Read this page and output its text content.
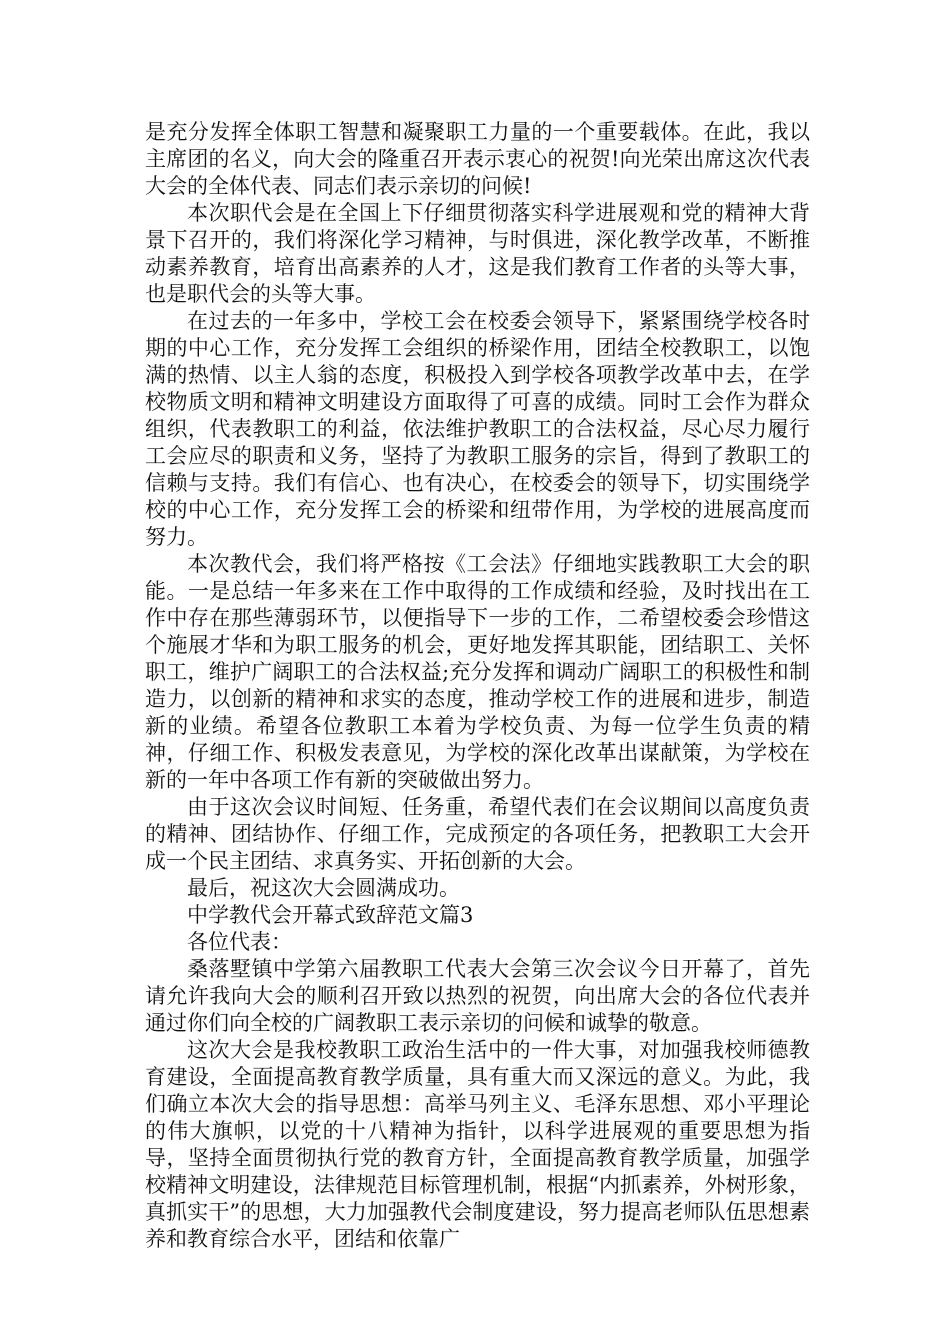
是充分发挥全体职工智慧和凝聚职工力量的一个重要载体。在此，我以主席团的名义，向大会的隆重召开表示衷心的祝贺!向光荣出席这次代表大会的全体代表、同志们表示亲切的问候!

本次职代会是在全国上下仔细贯彻落实科学进展观和党的精神大背景下召开的，我们将深化学习精神，与时俱进，深化教学改革，不断推动素养教育，培育出高素养的人才，这是我们教育工作者的头等大事，也是职代会的头等大事。

在过去的一年多中，学校工会在校委会领导下，紧紧围绕学校各时期的中心工作，充分发挥工会组织的桥梁作用，团结全校教职工，以饱满的热情、以主人翁的态度，积极投入到学校各项教学改革中去，在学校物质文明和精神文明建设方面取得了可喜的成绩。同时工会作为群众组织，代表教职工的利益，依法维护教职工的合法权益，尽心尽力履行工会应尽的职责和义务，坚持了为教职工服务的宗旨，得到了教职工的信赖与支持。我们有信心、也有决心，在校委会的领导下，切实围绕学校的中心工作，充分发挥工会的桥梁和纽带作用，为学校的进展高度而努力。

本次教代会，我们将严格按《工会法》仔细地实践教职工大会的职能。一是总结一年多来在工作中取得的工作成绩和经验，及时找出在工作中存在那些薄弱环节，以便指导下一步的工作，二希望校委会珍惜这个施展才华和为职工服务的机会，更好地发挥其职能，团结职工、关怀职工，维护广阔职工的合法权益;充分发挥和调动广阔职工的积极性和制造力，以创新的精神和求实的态度，推动学校工作的进展和进步，制造新的业绩。希望各位教职工本着为学校负责、为每一位学生负责的精神，仔细工作、积极发表意见，为学校的深化改革出谋献策，为学校在新的一年中各项工作有新的突破做出努力。

由于这次会议时间短、任务重，希望代表们在会议期间以高度负责的精神、团结协作、仔细工作，完成预定的各项任务，把教职工大会开成一个民主团结、求真务实、开拓创新的大会。

最后，祝这次大会圆满成功。

中学教代会开幕式致辞范文篇3

各位代表：

桑落墅镇中学第六届教职工代表大会第三次会议今日开幕了，首先请允许我向大会的顺利召开致以热烈的祝贺，向出席大会的各位代表并通过你们向全校的广阔教职工表示亲切的问候和诚挚的敬意。

这次大会是我校教职工政治生活中的一件大事，对加强我校师德教育建设，全面提高教育教学质量，具有重大而又深远的意义。为此，我们确立本次大会的指导思想：高举马列主义、毛泽东思想、邓小平理论的伟大旗帜，以党的十八精神为指针，以科学进展观的重要思想为指导，坚持全面贯彻执行党的教育方针，全面提高教育教学质量，加强学校精神文明建设，法律规范目标管理机制，根据“内抓素养，外树形象，真抓实干”的思想，大力加强教代会制度建设，努力提高老师队伍思想素养和教育综合水平，团结和依靠广
